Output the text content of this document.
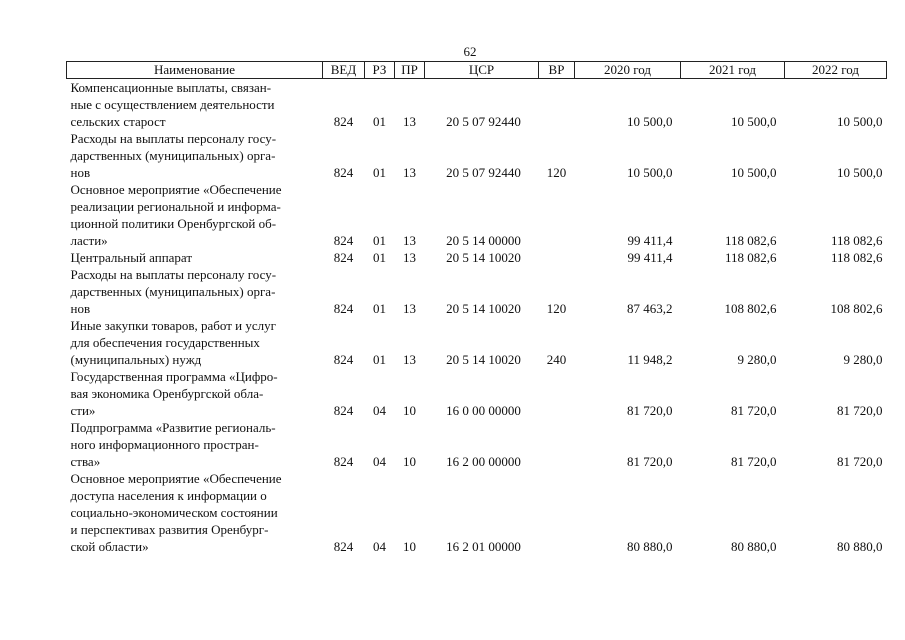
62
Наименование	ВЕД	РЗ	ПР	ЦСР	ВР	2020 год	2021 год	2022 год

Компенсационные выплаты, связан-
ные с осуществлением деятельности
сельских старост	824	01	13	20 5 07 92440		10 500,0	10 500,0	10 500,0

Расходы на выплаты персоналу госу-
дарственных (муниципальных) орга-
нов	824	01	13	20 5 07 92440	120	10 500,0	10 500,0	10 500,0

Основное мероприятие «Обеспечение
реализации региональной и информа-
ционной политики Оренбургской об-
ласти»	824	01	13	20 5 14 00000		99 411,4	118 082,6	118 082,6

Центральный аппарат	824	01	13	20 5 14 10020		99 411,4	118 082,6	118 082,6

Расходы на выплаты персоналу госу-
дарственных (муниципальных) орга-
нов	824	01	13	20 5 14 10020	120	87 463,2	108 802,6	108 802,6

Иные закупки товаров, работ и услуг
для обеспечения государственных
(муниципальных) нужд	824	01	13	20 5 14 10020	240	11 948,2	9 280,0	9 280,0

Государственная программа «Цифро-
вая экономика Оренбургской обла-
сти»	824	04	10	16 0 00 00000		81 720,0	81 720,0	81 720,0

Подпрограмма «Развитие региональ-
ного информационного простран-
ства»	824	04	10	16 2 00 00000		81 720,0	81 720,0	81 720,0

Основное мероприятие «Обеспечение
доступа населения к информации о
социально-экономическом состоянии
и перспективах развития Оренбург-
ской области»	824	04	10	16 2 01 00000		80 880,0	80 880,0	80 880,0
